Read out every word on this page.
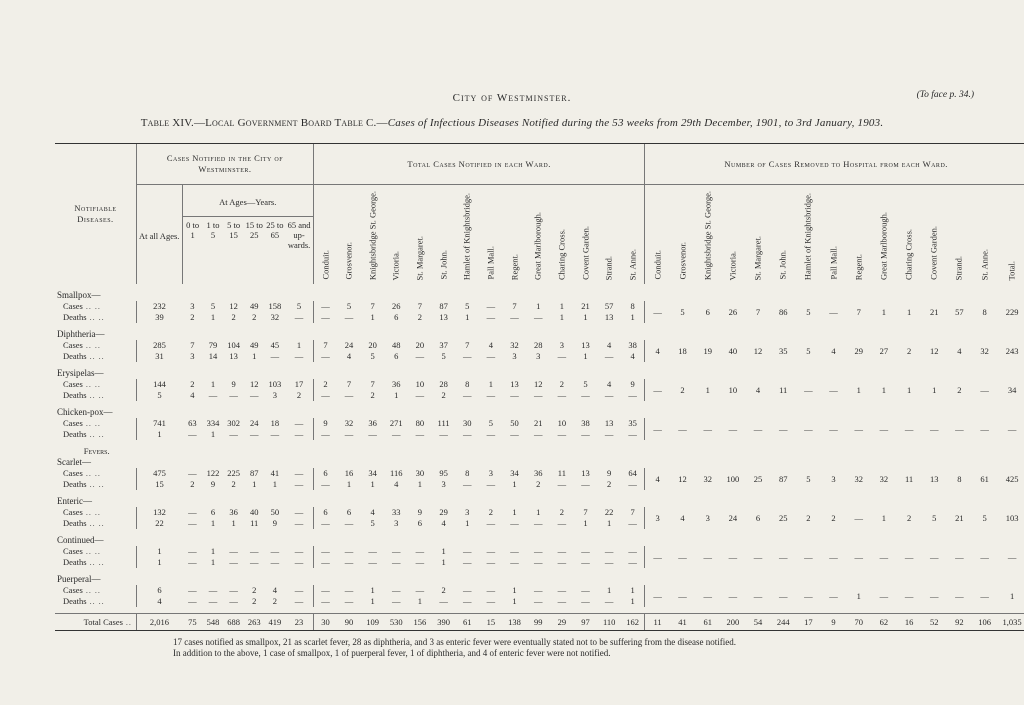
City of Westminster.	(To face p. 34.)
Table XIV.—Local Government Board Table C.—Cases of Infectious Diseases Notified during the 53 weeks from 29th December, 1901, to 3rd January, 1903.
Notifiable Diseases.	Cases Notified in the City of Westminster.							Total Cases Notified in each Ward.														Number of Cases Removed to Hospital from each Ward.														
	At all Ages.	At Ages—Years.						Conduit.	Grosvenor.	Knightsbridge St. George.	Victoria.	St. Margaret.	St. John.	Hamlet of Knightsbridge.	Pall Mall.	Regent.	Great Marlborough.	Charing Cross.	Covent Garden.	Strand.	St. Anne.	Conduit.	Grosvenor.	Knightsbridge St. George.	Victoria.	St. Margaret.	St. John.	Hamlet of Knightsbridge.	Pall Mall.	Regent.	Great Marlborough.	Charing Cross.	Covent Garden.	Strand.	St. Anne.	Total.

		0 to 1	1 to 5	5 to 15	15 to 25	25 to 65	65 and up-wards.																													

Smallpox—																																				
Cases .. ..	232	3	5	12	49	158	5	—	5	7	26	7	87	5	—	7	1	1	21	57	8	—	5	6	26	7	86	5	—	7	1	1	21	57	8	229
Deaths .. ..	39	2	1	2	2	32	—	—	—	1	6	2	13	1	—	—	—	1	1	13	1															

Diphtheria—																																				
Cases .. ..	285	7	79	104	49	45	1	7	24	20	48	20	37	7	4	32	28	3	13	4	38	4	18	19	40	12	35	5	4	29	27	2	12	4	32	243
Deaths .. ..	31	3	14	13	1	—	—	—	4	5	6	—	5	—	—	3	3	—	1	—	4															

Erysipelas—																																				
Cases .. ..	144	2	1	9	12	103	17	2	7	7	36	10	28	8	1	13	12	2	5	4	9	—	2	1	10	4	11	—	—	1	1	1	1	2	—	34
Deaths .. ..	5	4	—	—	—	3	2	—	—	2	1	—	2	—	—	—	—	—	—	—	—															

Chicken-pox—																																				
Cases .. ..	741	63	334	302	24	18	—	9	32	36	271	80	111	30	5	50	21	10	38	13	35	—	—	—	—	—	—	—	—	—	—	—	—	—	—	—
Deaths .. ..	1	—	1	—	—	—	—	—	—	—	—	—	—	—	—	—	—	—	—	—	—															

Fevers.																																				
Scarlet—																																				
Cases .. ..	475	—	122	225	87	41	—	6	16	34	116	30	95	8	3	34	36	11	13	9	64	4	12	32	100	25	87	5	3	32	32	11	13	8	61	425
Deaths .. ..	15	2	9	2	1	1	—	—	1	1	4	1	3	—	—	1	2	—	—	2	—															

Enteric—																																				
Cases .. ..	132	—	6	36	40	50	—	6	6	4	33	9	29	3	2	1	1	2	7	22	7	3	4	3	24	6	25	2	2	—	1	2	5	21	5	103
Deaths .. ..	22	—	1	1	11	9	—	—	—	5	3	6	4	1	—	—	—	—	1	1	—															

Continued—																																				
Cases .. ..	1	—	1	—	—	—	—	—	—	—	—	—	1	—	—	—	—	—	—	—	—	—	—	—	—	—	—	—	—	—	—	—	—	—	—	—
Deaths .. ..	1	—	1	—	—	—	—	—	—	—	—	—	1	—	—	—	—	—	—	—	—															

Puerperal—																																				
Cases .. ..	6	—	—	—	2	4	—	—	—	1	—	—	2	—	—	1	—	—	—	1	1	—	—	—	—	—	—	—	—	1	—	—	—	—	—	1
Deaths .. ..	4	—	—	—	2	2	—	—	—	1	—	1	—	—	—	1	—	—	—	—	1															

Total Cases ..	2,016	75	548	688	263	419	23	30	90	109	530	156	390	61	15	138	99	29	97	110	162	11	41	61	200	54	244	17	9	70	62	16	52	92	106	1,035
17 cases notified as smallpox, 21 as scarlet fever, 28 as diphtheria, and 3 as enteric fever were eventually stated not to be suffering from the disease notified.
In addition to the above, 1 case of smallpox, 1 of puerperal fever, 1 of diphtheria, and 4 of enteric fever were not notified.
